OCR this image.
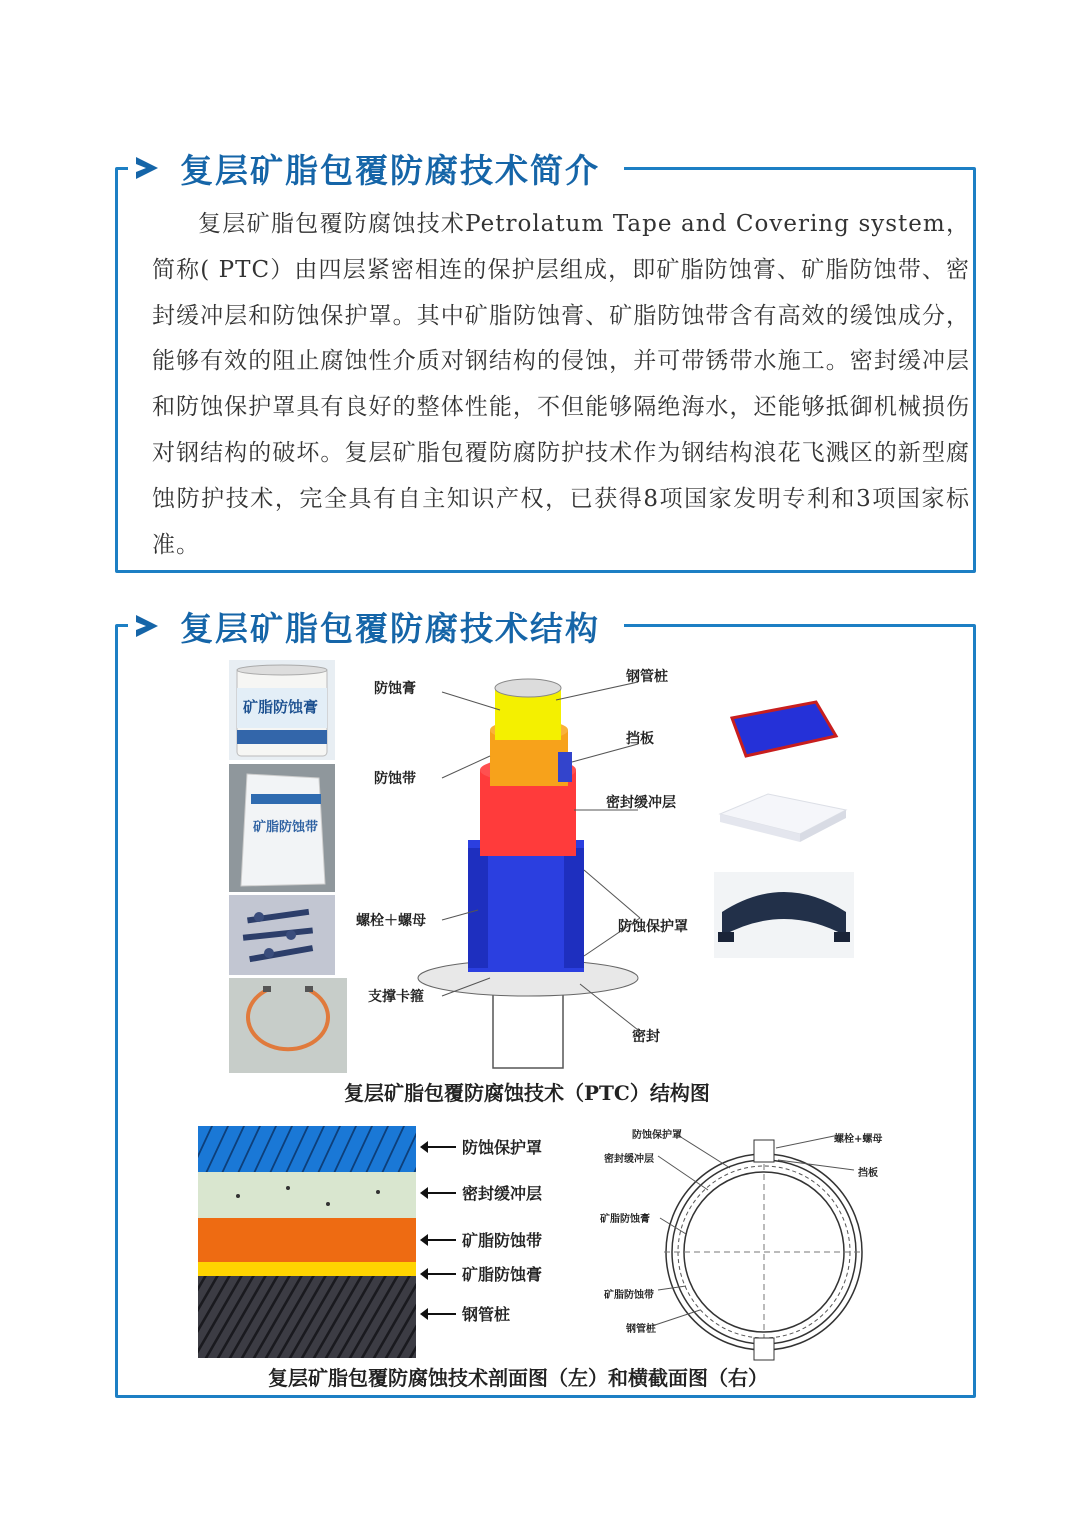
复层矿脂包覆防腐技术简介

复层矿脂包覆防腐蚀技术Petrolatum Tape and Covering system，简称( PTC）由四层紧密相连的保护层组成，即矿脂防蚀膏、矿脂防蚀带、密封缓冲层和防蚀保护罩。其中矿脂防蚀膏、矿脂防蚀带含有高效的缓蚀成分，能够有效的阻止腐蚀性介质对钢结构的侵蚀，并可带锈带水施工。密封缓冲层和防蚀保护罩具有良好的整体性能，不但能够隔绝海水，还能够抵御机械损伤对钢结构的破坏。复层矿脂包覆防腐防护技术作为钢结构浪花飞溅区的新型腐蚀防护技术，完全具有自主知识产权，已获得8项国家发明专利和3项国家标准。

复层矿脂包覆防腐技术结构
矿脂防蚀膏
矿脂防蚀带
防蚀膏
防蚀带
螺栓＋螺母
支撑卡箍
钢管桩
挡板
密封缓冲层
防蚀保护罩
密封
复层矿脂包覆防腐蚀技术（PTC）结构图
防蚀保护罩
密封缓冲层
矿脂防蚀带
矿脂防蚀膏
钢管桩
防蚀保护罩
密封缓冲层
矿脂防蚀膏
矿脂防蚀带
钢管桩
螺栓+螺母
挡板
复层矿脂包覆防腐蚀技术剖面图（左）和横截面图（右）
